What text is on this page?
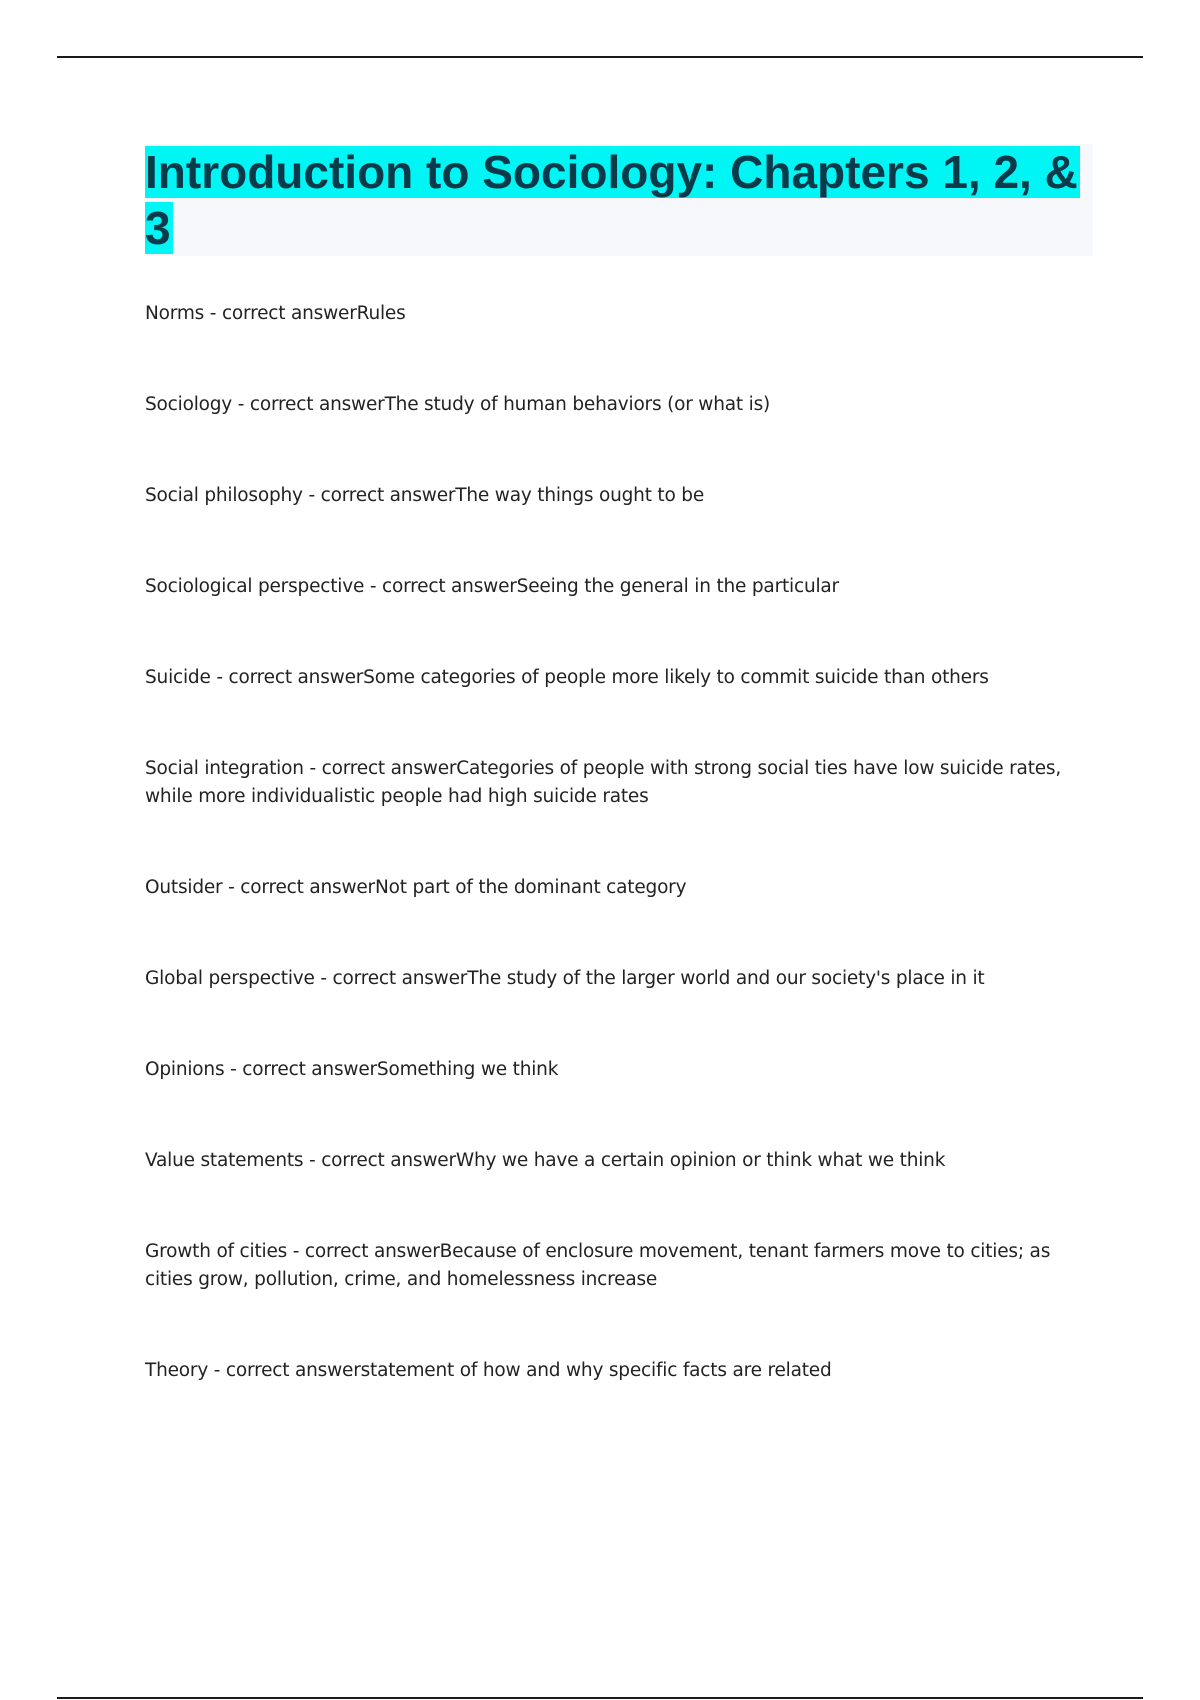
Introduction to Sociology: Chapters 1, 2, & 3
Norms - correct answerRules
Sociology - correct answerThe study of human behaviors (or what is)
Social philosophy - correct answerThe way things ought to be
Sociological perspective - correct answerSeeing the general in the particular
Suicide - correct answerSome categories of people more likely to commit suicide than others
Social integration - correct answerCategories of people with strong social ties have low suicide rates, while more individualistic people had high suicide rates
Outsider - correct answerNot part of the dominant category
Global perspective - correct answerThe study of the larger world and our society's place in it
Opinions - correct answerSomething we think
Value statements - correct answerWhy we have a certain opinion or think what we think
Growth of cities - correct answerBecause of enclosure movement, tenant farmers move to cities; as cities grow, pollution, crime, and homelessness increase
Theory - correct answerstatement of how and why specific facts are related
